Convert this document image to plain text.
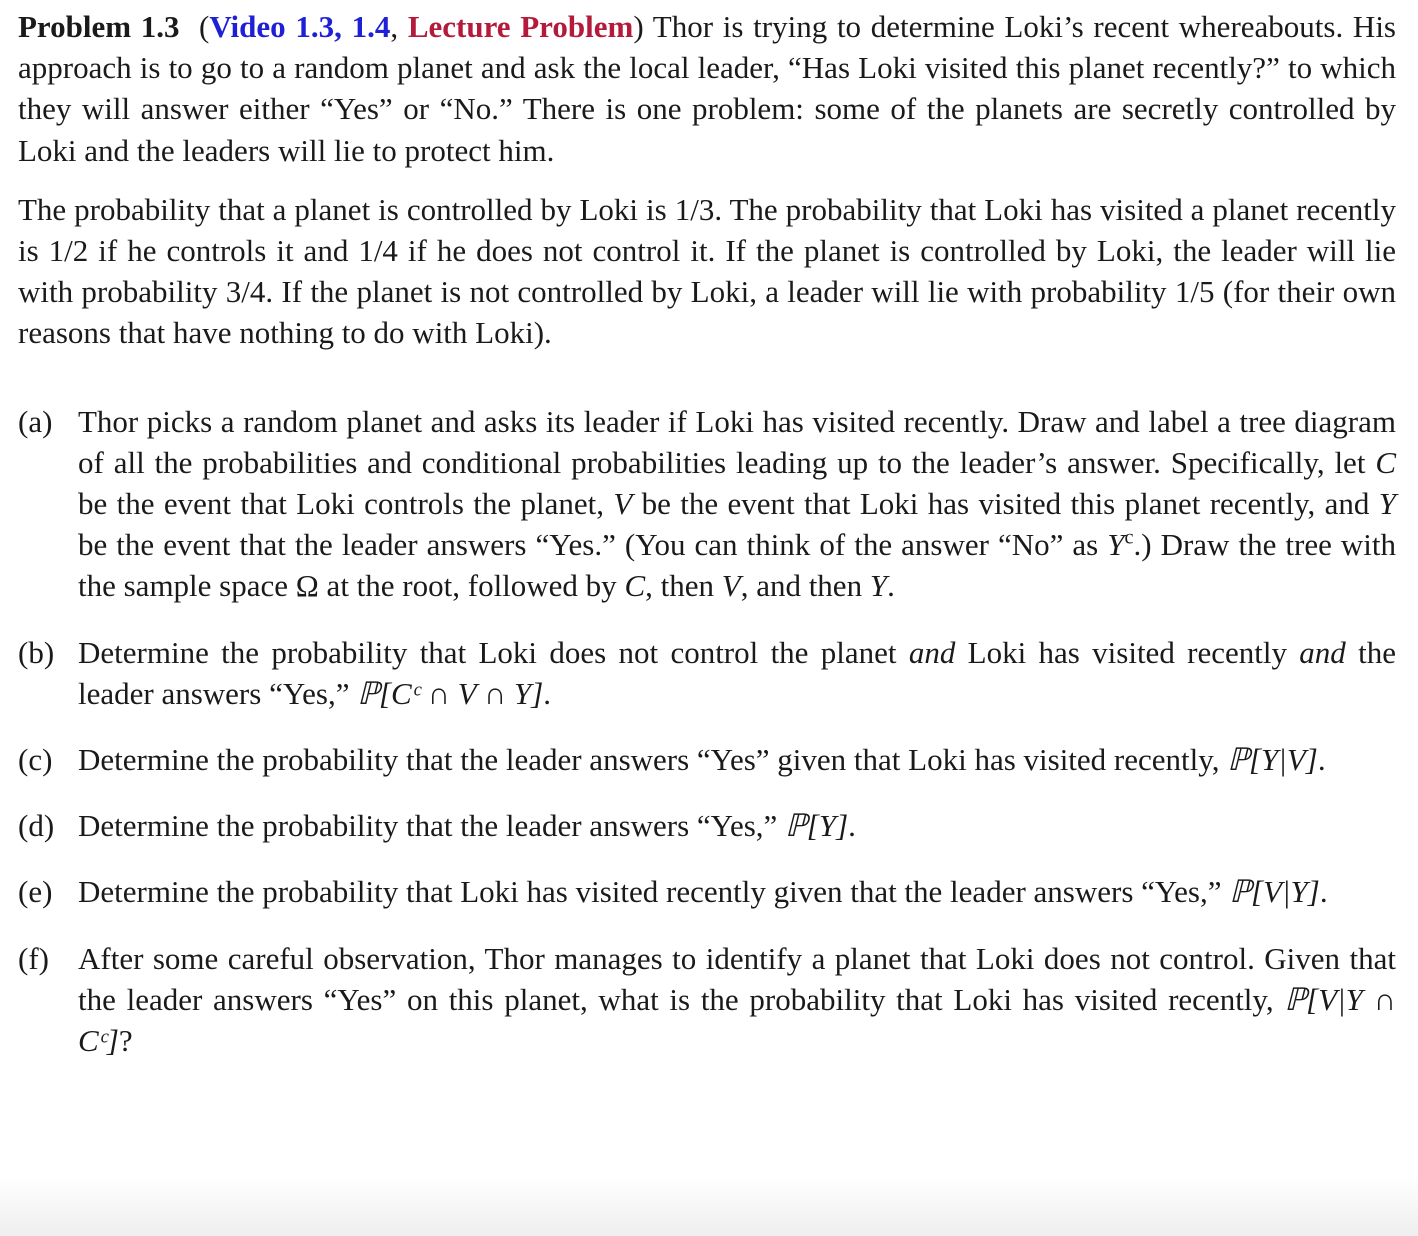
Problem 1.3 (Video 1.3, 1.4, Lecture Problem) Thor is trying to determine Loki’s recent whereabouts. His approach is to go to a random planet and ask the local leader, “Has Loki visited this planet recently?” to which they will answer either “Yes” or “No.” There is one problem: some of the planets are secretly controlled by Loki and the leaders will lie to protect him.

The probability that a planet is controlled by Loki is 1/3. The probability that Loki has visited a planet recently is 1/2 if he controls it and 1/4 if he does not control it. If the planet is controlled by Loki, the leader will lie with probability 3/4. If the planet is not controlled by Loki, a leader will lie with probability 1/5 (for their own reasons that have nothing to do with Loki).

(a) Thor picks a random planet and asks its leader if Loki has visited recently. Draw and label a tree diagram of all the probabilities and conditional probabilities leading up to the leader’s answer. Specifically, let C be the event that Loki controls the planet, V be the event that Loki has visited this planet recently, and Y be the event that the leader answers “Yes.” (You can think of the answer “No” as $Y^c$.) Draw the tree with the sample space Ω at the root, followed by C, then V, and then Y.
(b) Determine the probability that Loki does not control the planet and Loki has visited recently and the leader answers “Yes,” ℙ[Cᶜ ∩ V ∩ Y].
(c) Determine the probability that the leader answers “Yes” given that Loki has visited recently, ℙ[Y|V].
(d) Determine the probability that the leader answers “Yes,” ℙ[Y].
(e) Determine the probability that Loki has visited recently given that the leader answers “Yes,” ℙ[V|Y].
(f) After some careful observation, Thor manages to identify a planet that Loki does not control. Given that the leader answers “Yes” on this planet, what is the probability that Loki has visited recently, ℙ[V|Y ∩ Cᶜ]?
